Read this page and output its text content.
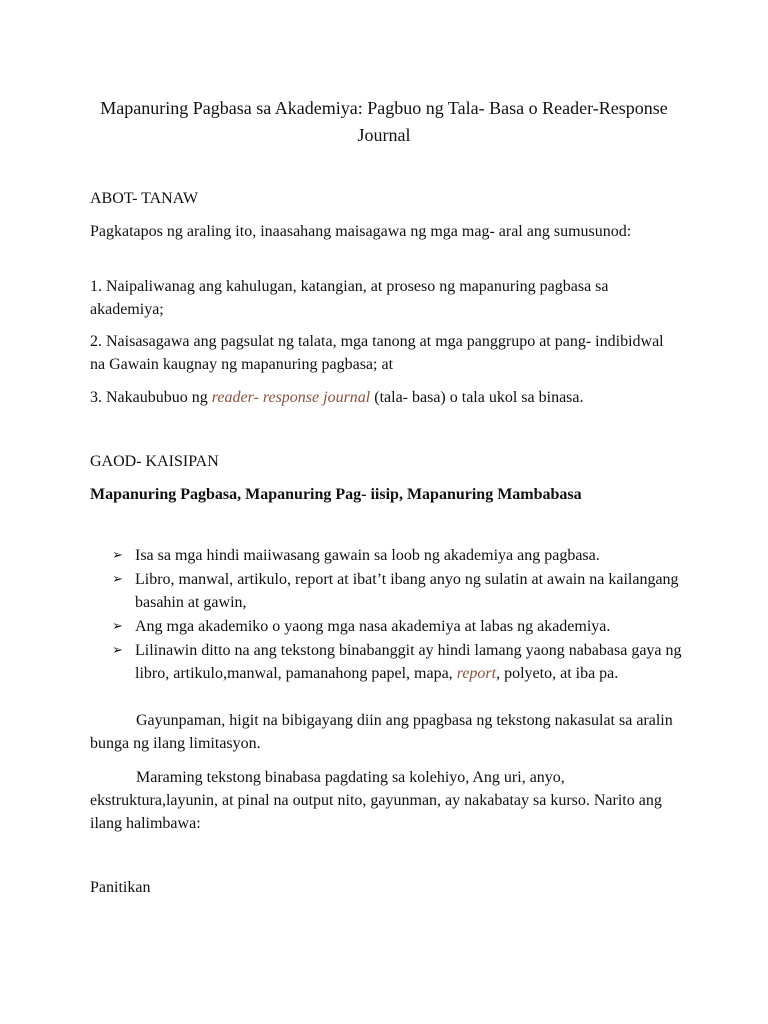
Mapanuring Pagbasa sa Akademiya: Pagbuo ng Tala- Basa o Reader-Response Journal
ABOT- TANAW
Pagkatapos ng araling ito, inaasahang maisagawa ng mga mag- aral ang sumusunod:
1. Naipaliwanag ang kahulugan, katangian, at proseso ng mapanuring pagbasa sa akademiya;
2. Naisasagawa ang pagsulat ng talata, mga tanong at mga panggrupo at pang- indibidwal na Gawain kaugnay ng mapanuring pagbasa; at
3. Nakaububuo ng reader- response journal (tala- basa) o tala ukol sa binasa.
GAOD- KAISIPAN
Mapanuring Pagbasa, Mapanuring Pag- iisip, Mapanuring Mambabasa
➢ Isa sa mga hindi maiiwasang gawain sa loob ng akademiya ang pagbasa.
➢ Libro, manwal, artikulo, report at ibat’t ibang anyo ng sulatin at awain na kailangang basahin at gawin,
➢ Ang mga akademiko o yaong mga nasa akademiya at labas ng akademiya.
➢ Lilinawin ditto na ang tekstong binabanggit ay hindi lamang yaong nababasa gaya ng libro, artikulo,manwal, pamanahong papel, mapa, report, polyeto, at iba pa.
Gayunpaman, higit na bibigayang diin ang ppagbasa ng tekstong nakasulat sa aralin bunga ng ilang limitasyon.
Maraming tekstong binabasa pagdating sa kolehiyo, Ang uri, anyo, ekstruktura,layunin, at pinal na output nito, gayunman, ay nakabatay sa kurso. Narito ang ilang halimbawa:
Panitikan
